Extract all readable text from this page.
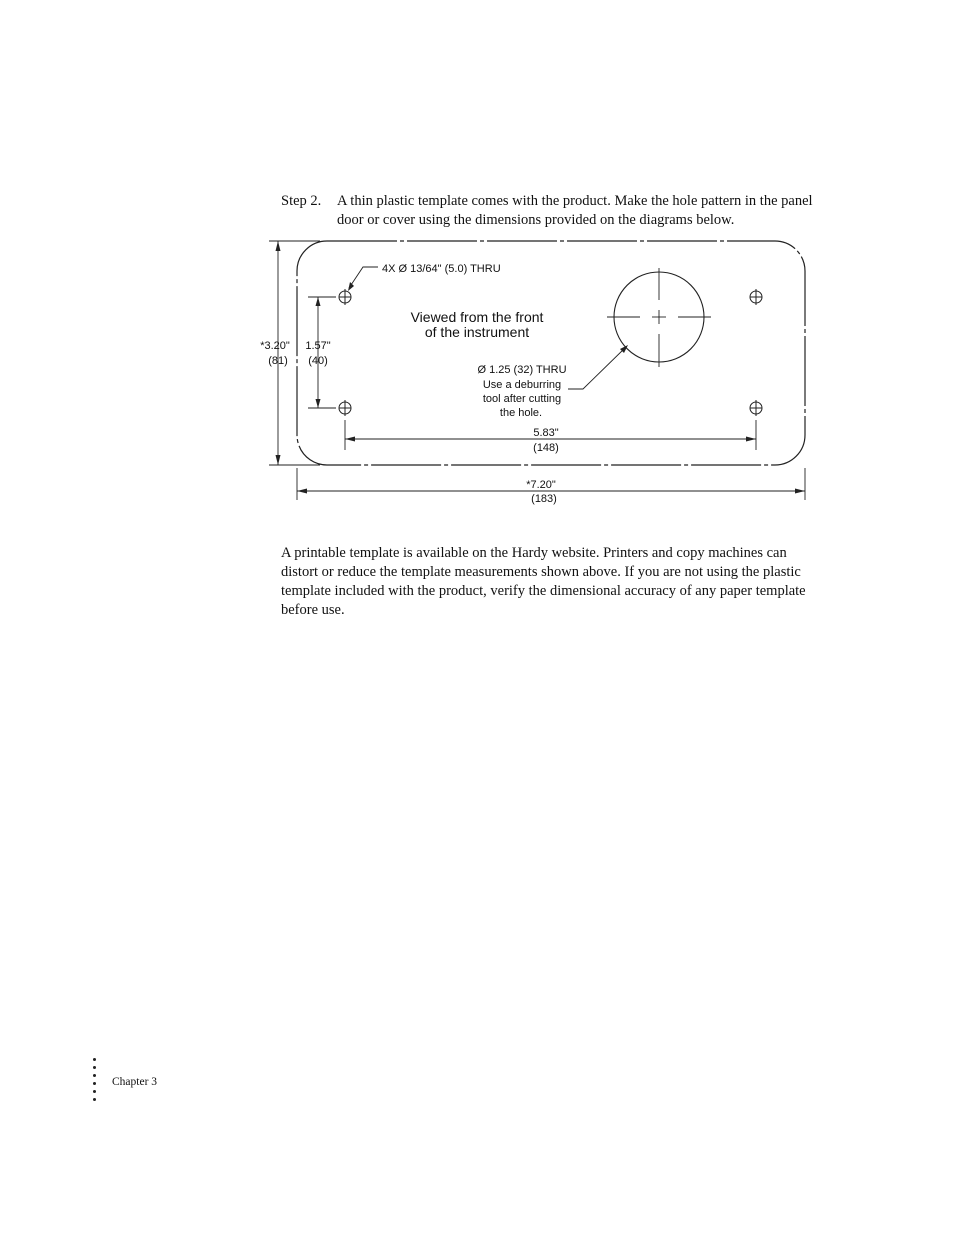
Step 2. A thin plastic template comes with the product. Make the hole pattern in the panel door or cover using the dimensions provided on the diagrams below.
4X Ø 13/64" (5.0) THRU
Viewed from the front
of the instrument
Ø 1.25 (32) THRU
Use a deburring
tool after cutting
the hole.
*3.20"
(81)
1.57"
(40)
5.83"
(148)
*7.20"
(183)
A printable template is available on the Hardy website. Printers and copy machines can distort or reduce the template measurements shown above. If you are not using the plastic template included with the product, verify the dimensional accuracy of any paper template before use.
Chapter 3
